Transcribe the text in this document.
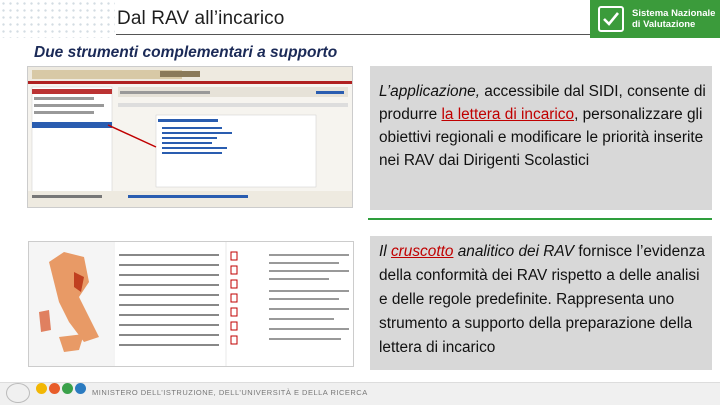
Dal RAV all’incarico	Sistema Nazionale
di Valutazione
Due strumenti complementari a supporto

L’applicazione, accessibile dal SIDI, consente di produrre la lettera di incarico, personalizzare gli obiettivi regionali e modificare le priorità inserite nei RAV dai Dirigenti Scolastici

Il cruscotto analitico dei RAV fornisce l’evidenza della conformità dei RAV rispetto a delle analisi e delle regole predefinite. Rappresenta uno strumento a supporto della preparazione della lettera di incarico

MINISTERO DELL’ISTRUZIONE, DELL’UNIVERSITÀ E DELLA RICERCA
